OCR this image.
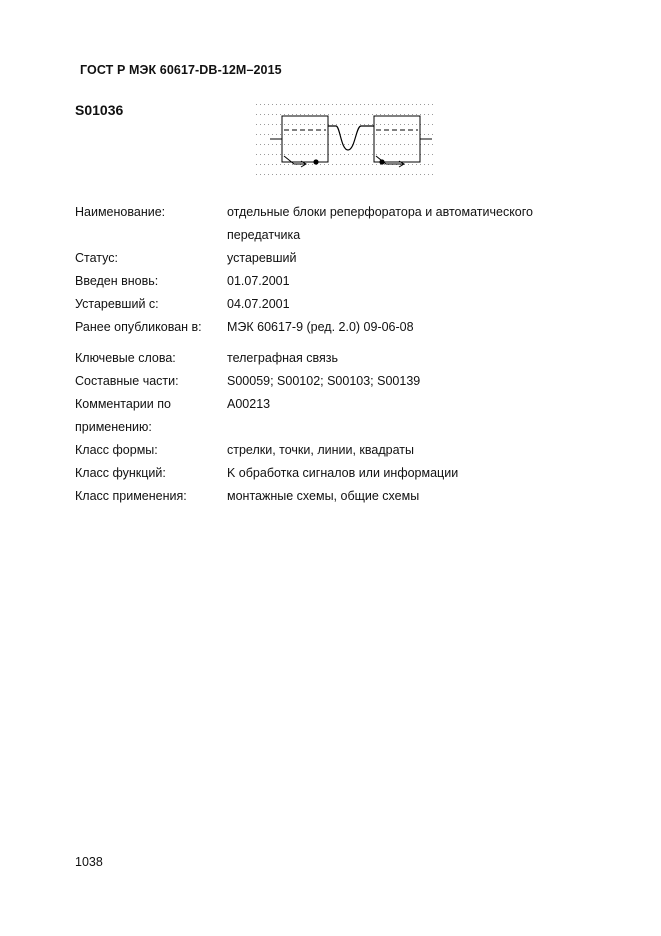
ГОСТ Р МЭК 60617-DB-12M–2015
S01036
Наименование:	отдельные блоки реперфоратора и автоматического
передатчика
Статус:	устаревший
Введен вновь:	01.07.2001
Устаревший с:	04.07.2001
Ранее опубликован в:	МЭК 60617-9 (ред. 2.0) 09-06-08
Ключевые слова:	телеграфная связь
Составные части:	S00059; S00102; S00103; S00139
Комментарии по
применению:
A00213
Класс формы:	стрелки, точки, линии, квадраты
Класс функций:	K обработка сигналов или информации
Класс применения:	монтажные схемы, общие схемы
1038
